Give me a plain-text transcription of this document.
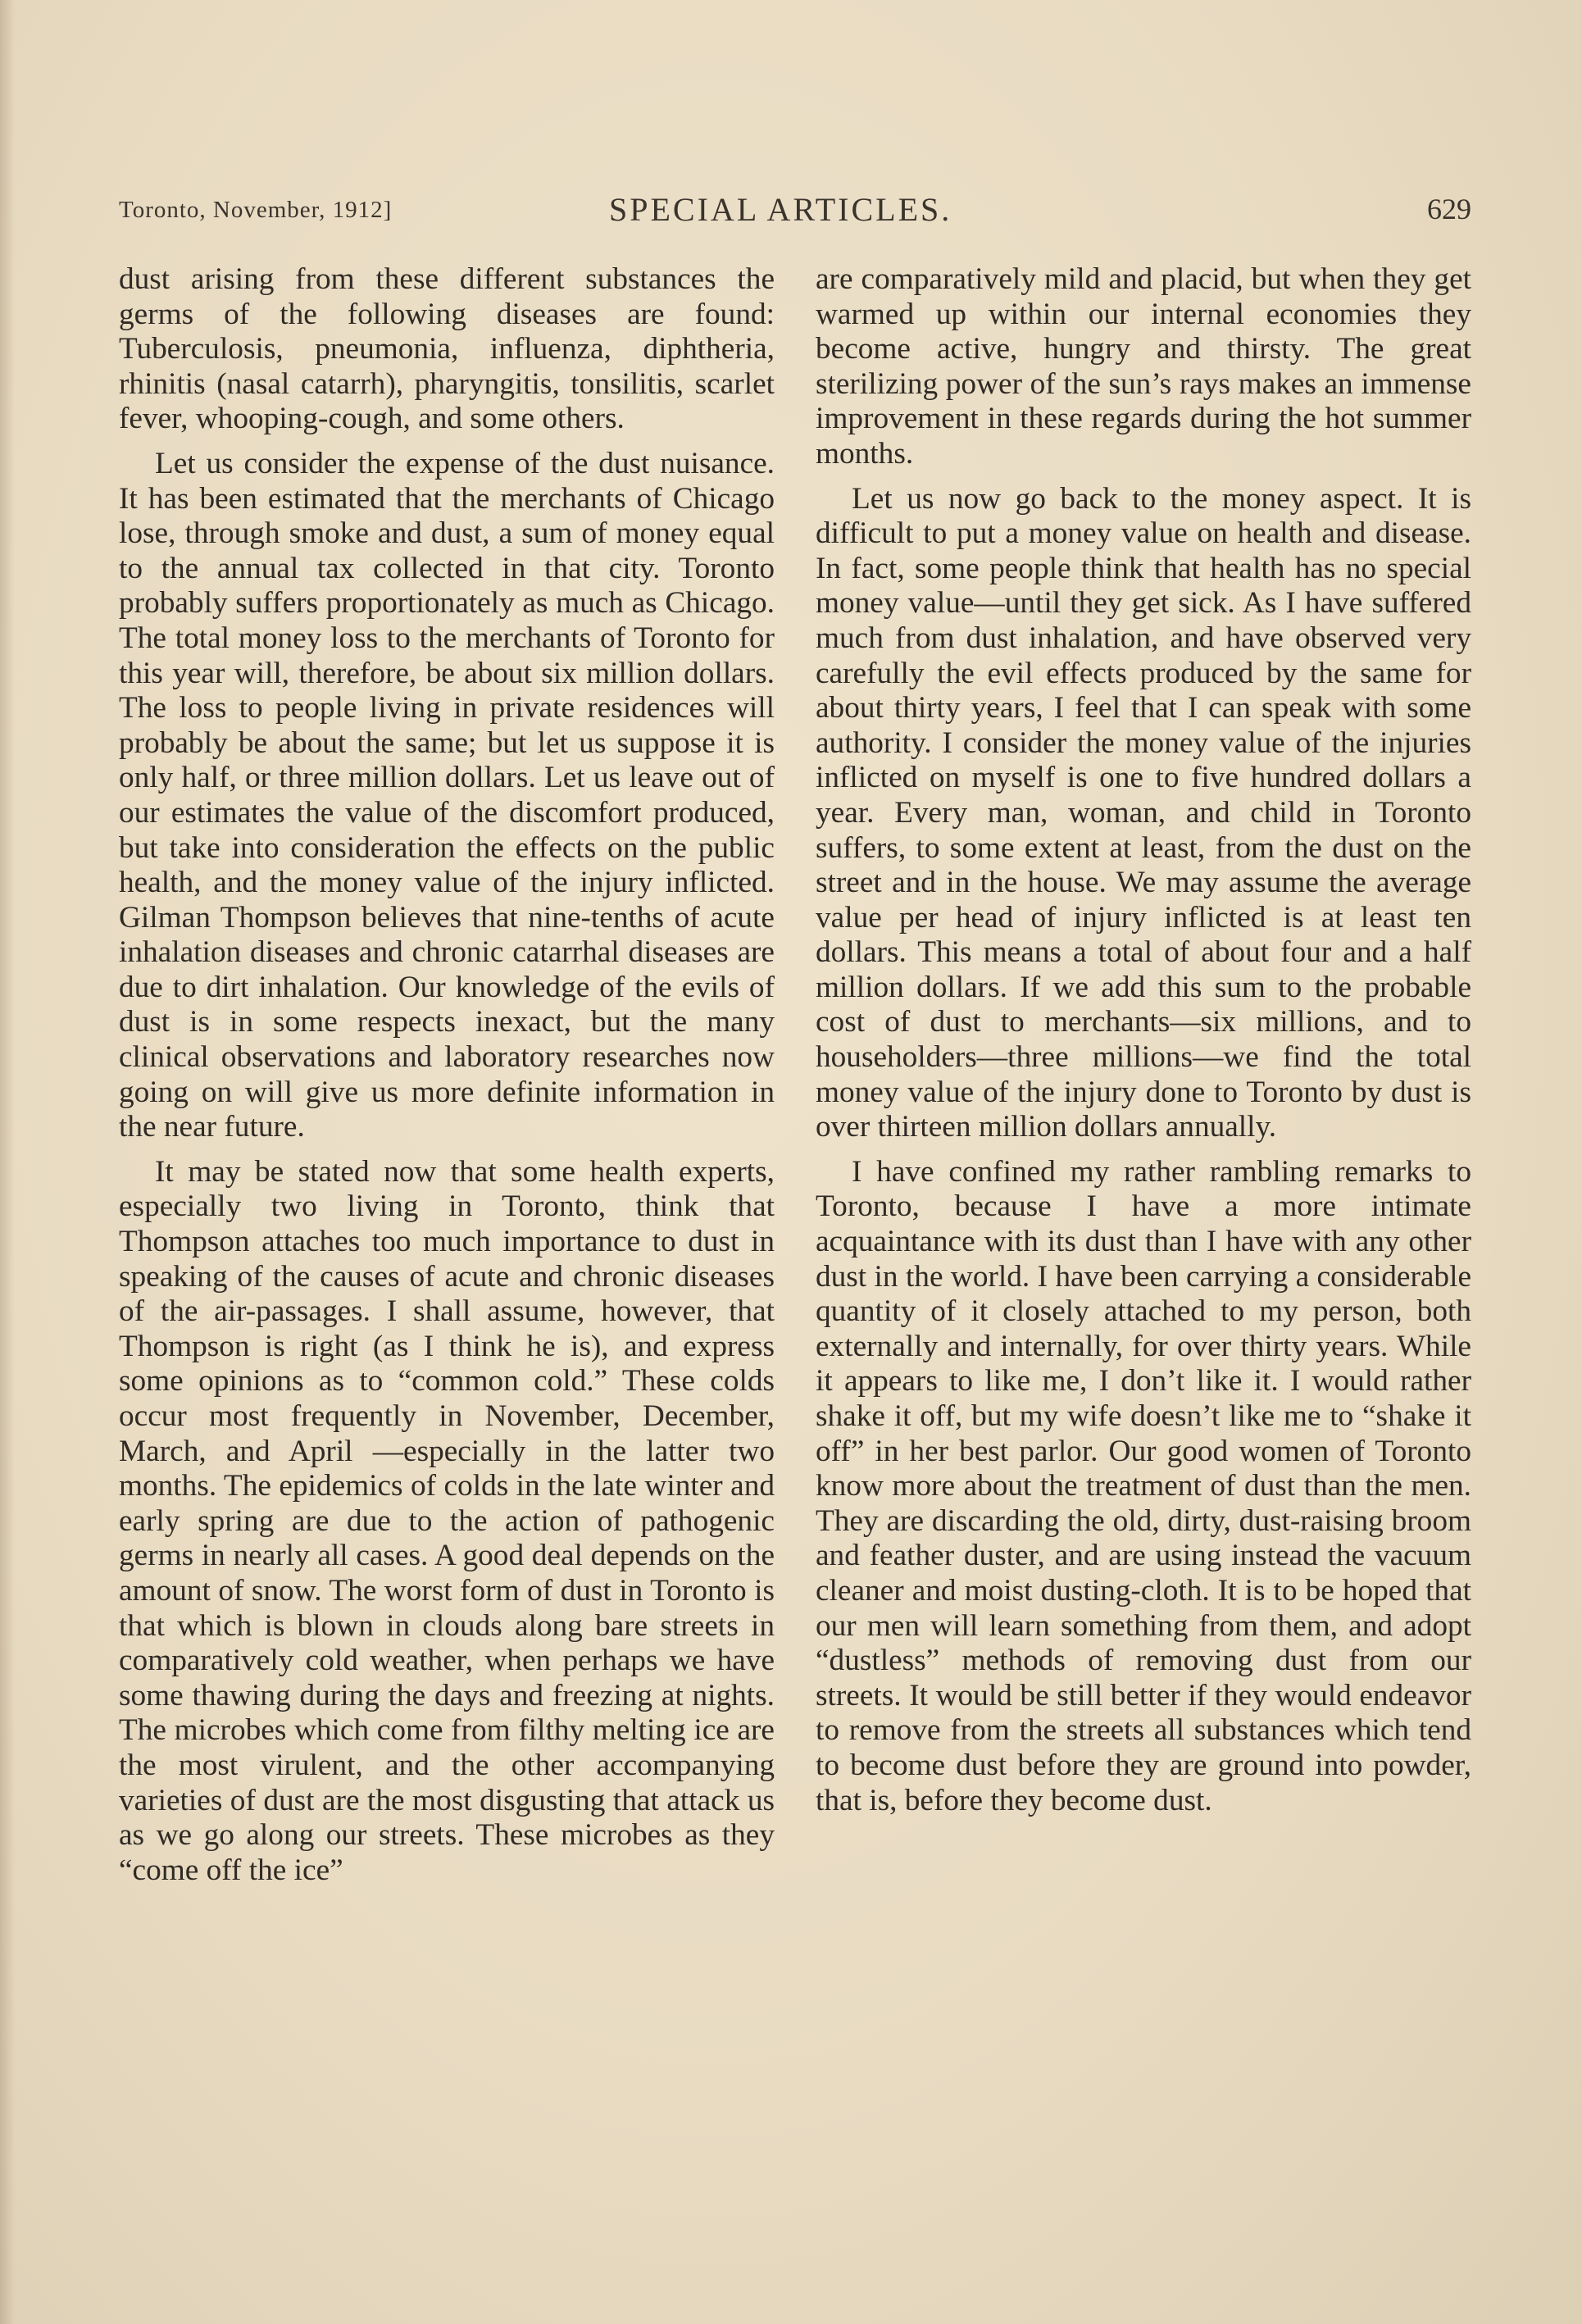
Toronto, November, 1912]	SPECIAL ARTICLES.	629

dust arising from these different substances the germs of the following diseases are found: Tuberculosis, pneumonia, influenza, diphtheria, rhinitis (nasal catarrh), pharyngitis, tonsilitis, scarlet fever, whooping-cough, and some others.

Let us consider the expense of the dust nuisance. It has been estimated that the merchants of Chicago lose, through smoke and dust, a sum of money equal to the annual tax collected in that city. Toronto probably suffers proportionately as much as Chicago. The total money loss to the merchants of Toronto for this year will, therefore, be about six million dollars. The loss to people living in private residences will probably be about the same; but let us suppose it is only half, or three million dollars. Let us leave out of our estimates the value of the discomfort produced, but take into consideration the effects on the public health, and the money value of the injury inflicted. Gilman Thompson believes that nine-tenths of acute inhalation diseases and chronic catarrhal diseases are due to dirt inhalation. Our knowledge of the evils of dust is in some respects inexact, but the many clinical observations and laboratory researches now going on will give us more definite information in the near future.

It may be stated now that some health experts, especially two living in Toronto, think that Thompson attaches too much importance to dust in speaking of the causes of acute and chronic diseases of the air-passages. I shall assume, however, that Thompson is right (as I think he is), and express some opinions as to “common cold.” These colds occur most frequently in November, December, March, and April —especially in the latter two months. The epidemics of colds in the late winter and early spring are due to the action of pathogenic germs in nearly all cases. A good deal depends on the amount of snow. The worst form of dust in Toronto is that which is blown in clouds along bare streets in comparatively cold weather, when perhaps we have some thawing during the days and freezing at nights. The microbes which come from filthy melting ice are the most virulent, and the other accompanying varieties of dust are the most disgusting that attack us as we go along our streets. These microbes as they “come off the ice”

are comparatively mild and placid, but when they get warmed up within our internal economies they become active, hungry and thirsty. The great sterilizing power of the sun’s rays makes an immense improvement in these regards during the hot summer months.

Let us now go back to the money aspect. It is difficult to put a money value on health and disease. In fact, some people think that health has no special money value—until they get sick. As I have suffered much from dust inhalation, and have observed very carefully the evil effects produced by the same for about thirty years, I feel that I can speak with some authority. I consider the money value of the injuries inflicted on myself is one to five hundred dollars a year. Every man, woman, and child in Toronto suffers, to some extent at least, from the dust on the street and in the house. We may assume the average value per head of injury inflicted is at least ten dollars. This means a total of about four and a half million dollars. If we add this sum to the probable cost of dust to merchants—six millions, and to householders—three millions—we find the total money value of the injury done to Toronto by dust is over thirteen million dollars annually.

I have confined my rather rambling remarks to Toronto, because I have a more intimate acquaintance with its dust than I have with any other dust in the world. I have been carrying a considerable quantity of it closely attached to my person, both externally and internally, for over thirty years. While it appears to like me, I don’t like it. I would rather shake it off, but my wife doesn’t like me to “shake it off” in her best parlor. Our good women of Toronto know more about the treatment of dust than the men. They are discarding the old, dirty, dust-raising broom and feather duster, and are using instead the vacuum cleaner and moist dusting-cloth. It is to be hoped that our men will learn something from them, and adopt “dustless” methods of removing dust from our streets. It would be still better if they would endeavor to remove from the streets all substances which tend to become dust before they are ground into powder, that is, before they become dust.
